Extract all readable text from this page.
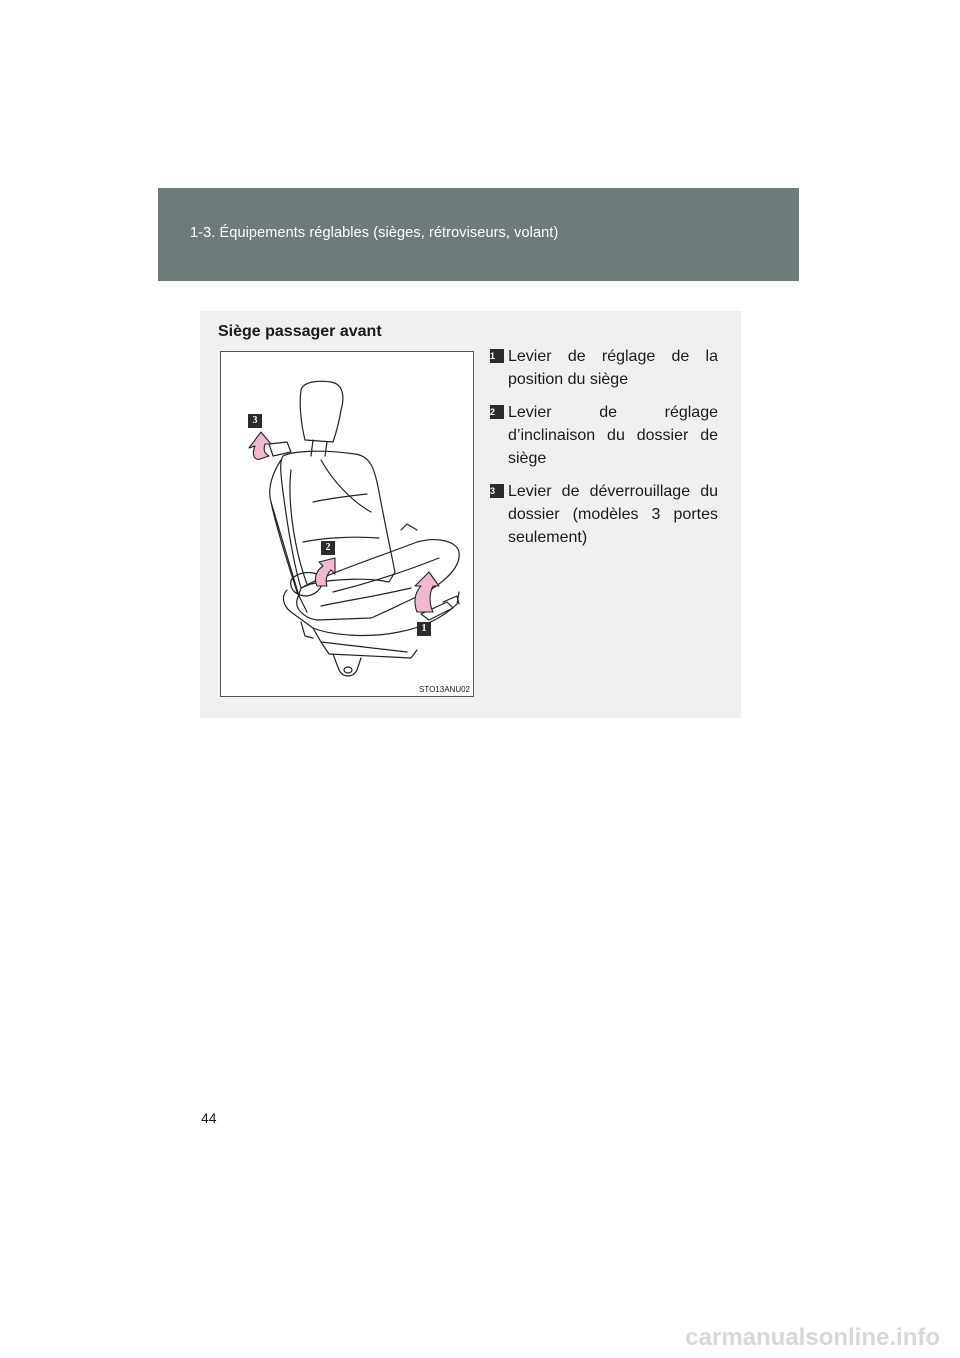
1-3. Équipements réglables (sièges, rétroviseurs, volant)
Siège passager avant
3
2
1
STO13ANU02
1 Levier de réglage de la position du siège
2 Levier de réglage d’inclinaison du dossier de siège
3 Levier de déverrouillage du dossier (modèles 3 portes seulement)
44
carmanualsonline.info
